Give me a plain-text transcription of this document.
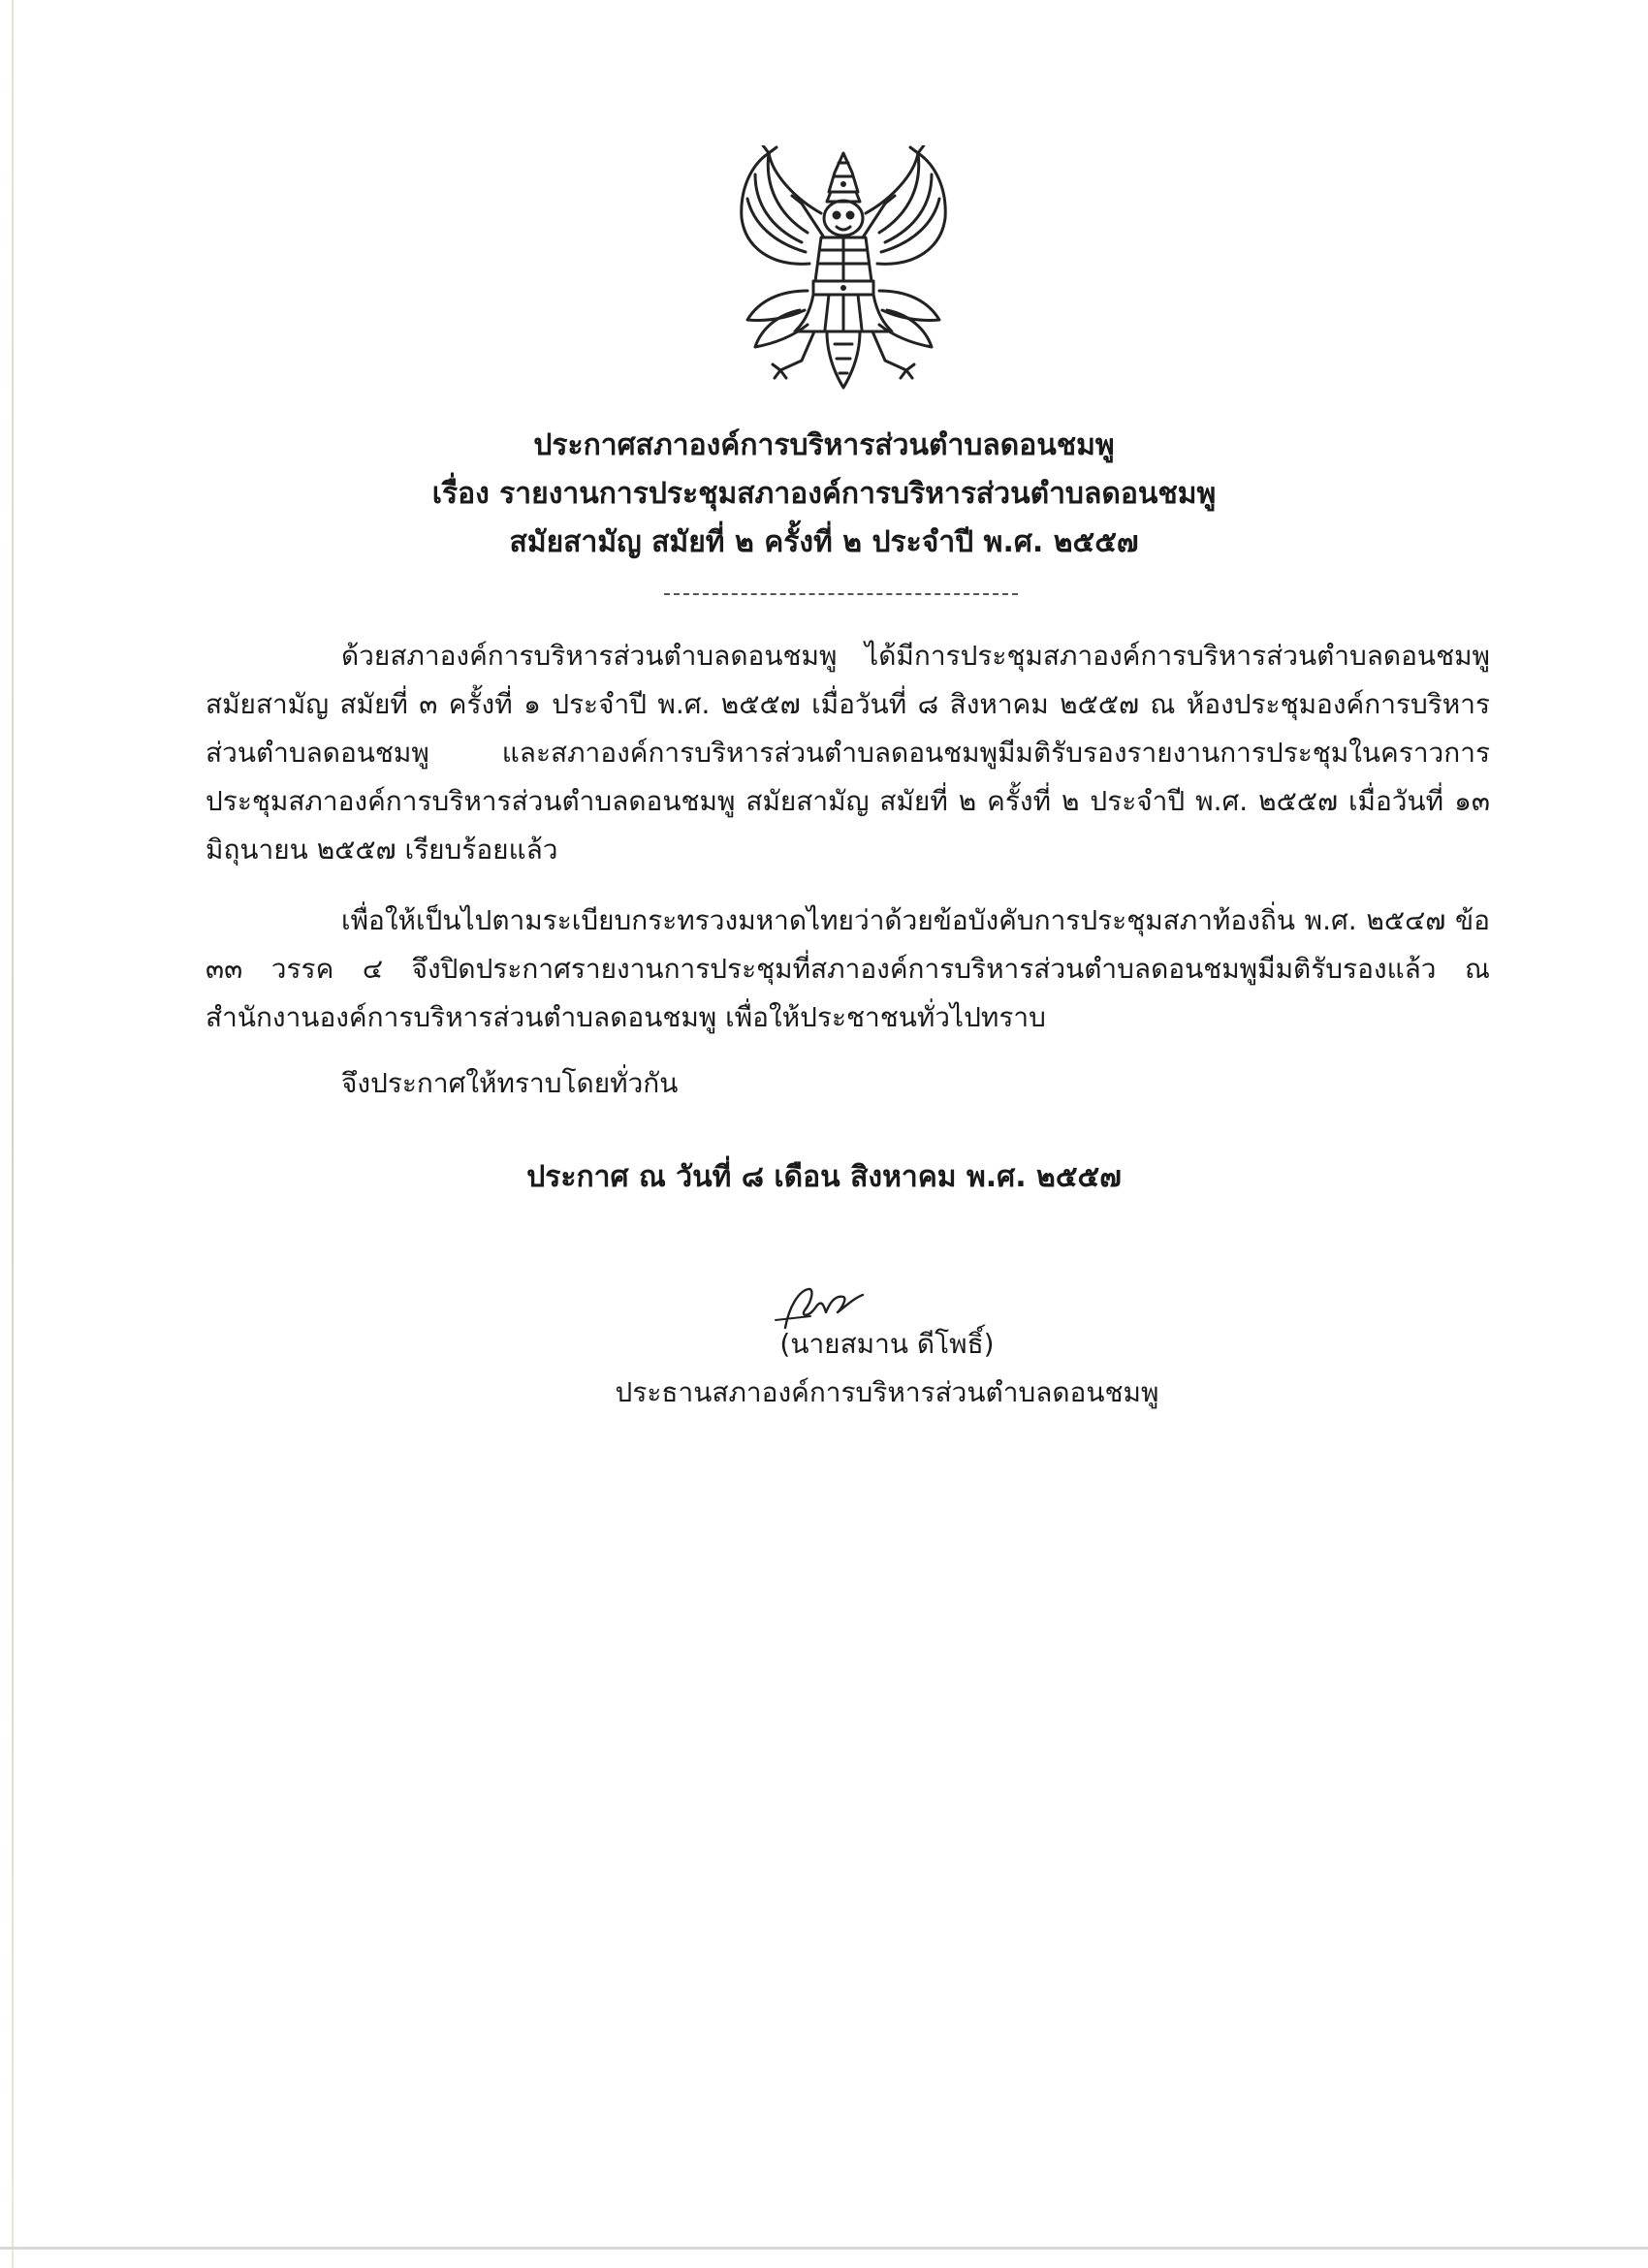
ประกาศสภาองค์การบริหารส่วนตำบลดอนชมพู
เรื่อง รายงานการประชุมสภาองค์การบริหารส่วนตำบลดอนชมพู
สมัยสามัญ สมัยที่ ๒ ครั้งที่ ๒ ประจำปี พ.ศ. ๒๕๕๗
ด้วยสภาองค์การบริหารส่วนตำบลดอนชมพู ได้มีการประชุมสภาองค์การบริหารส่วนตำบลดอนชมพู สมัยสามัญ สมัยที่ ๓ ครั้งที่ ๑ ประจำปี พ.ศ. ๒๕๕๗ เมื่อวันที่ ๘ สิงหาคม ๒๕๕๗ ณ ห้องประชุมองค์การบริหารส่วนตำบลดอนชมพู และสภาองค์การบริหารส่วนตำบลดอนชมพูมีมติรับรองรายงานการประชุมในคราวการประชุมสภาองค์การบริหารส่วนตำบลดอนชมพู สมัยสามัญ สมัยที่ ๒ ครั้งที่ ๒ ประจำปี พ.ศ. ๒๕๕๗ เมื่อวันที่ ๑๓ มิถุนายน ๒๕๕๗ เรียบร้อยแล้ว
เพื่อให้เป็นไปตามระเบียบกระทรวงมหาดไทยว่าด้วยข้อบังคับการประชุมสภาท้องถิ่น พ.ศ. ๒๕๔๗ ข้อ ๓๓ วรรค ๔ จึงปิดประกาศรายงานการประชุมที่สภาองค์การบริหารส่วนตำบลดอนชมพูมีมติรับรองแล้ว ณ สำนักงานองค์การบริหารส่วนตำบลดอนชมพู เพื่อให้ประชาชนทั่วไปทราบ
จึงประกาศให้ทราบโดยทั่วกัน
ประกาศ ณ วันที่ ๘ เดือน สิงหาคม พ.ศ. ๒๕๕๗
(นายสมาน ดีโพธิ์)
ประธานสภาองค์การบริหารส่วนตำบลดอนชมพู
